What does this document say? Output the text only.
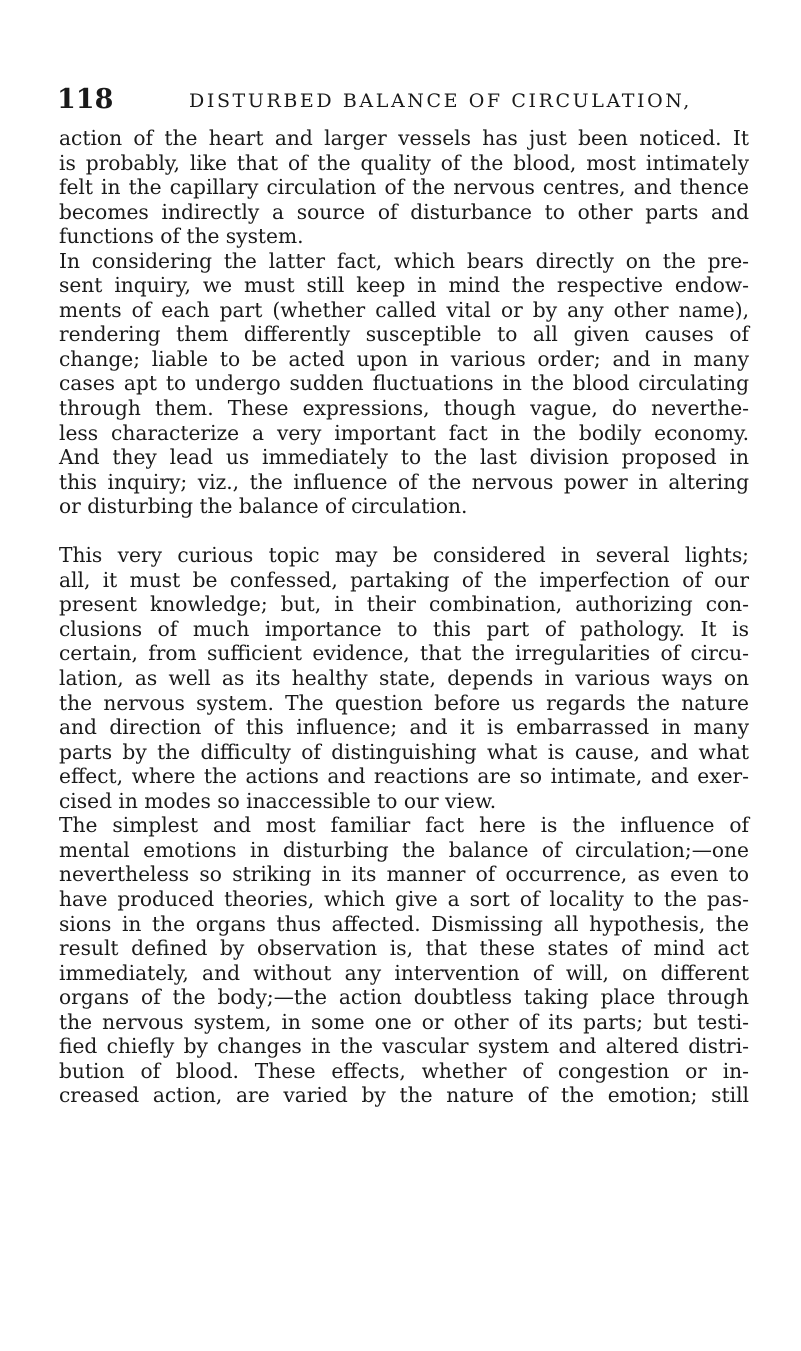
118	DISTURBED BALANCE OF CIRCULATION,
action of the heart and larger vessels has just been noticed. It
is probably, like that of the quality of the blood, most intimately
felt in the capillary circulation of the nervous centres, and thence
becomes indirectly a source of disturbance to other parts and
functions of the system.
In considering the latter fact, which bears directly on the pre-
sent inquiry, we must still keep in mind the respective endow-
ments of each part (whether called vital or by any other name),
rendering them differently susceptible to all given causes of
change; liable to be acted upon in various order; and in many
cases apt to undergo sudden fluctuations in the blood circulating
through them. These expressions, though vague, do neverthe-
less characterize a very important fact in the bodily economy.
And they lead us immediately to the last division proposed in
this inquiry; viz., the influence of the nervous power in altering
or disturbing the balance of circulation.
This very curious topic may be considered in several lights;
all, it must be confessed, partaking of the imperfection of our
present knowledge; but, in their combination, authorizing con-
clusions of much importance to this part of pathology. It is
certain, from sufficient evidence, that the irregularities of circu-
lation, as well as its healthy state, depends in various ways on
the nervous system. The question before us regards the nature
and direction of this influence; and it is embarrassed in many
parts by the difficulty of distinguishing what is cause, and what
effect, where the actions and reactions are so intimate, and exer-
cised in modes so inaccessible to our view.
The simplest and most familiar fact here is the influence of
mental emotions in disturbing the balance of circulation;—one
nevertheless so striking in its manner of occurrence, as even to
have produced theories, which give a sort of locality to the pas-
sions in the organs thus affected. Dismissing all hypothesis, the
result defined by observation is, that these states of mind act
immediately, and without any intervention of will, on different
organs of the body;—the action doubtless taking place through
the nervous system, in some one or other of its parts; but testi-
fied chiefly by changes in the vascular system and altered distri-
bution of blood. These effects, whether of congestion or in-
creased action, are varied by the nature of the emotion; still
